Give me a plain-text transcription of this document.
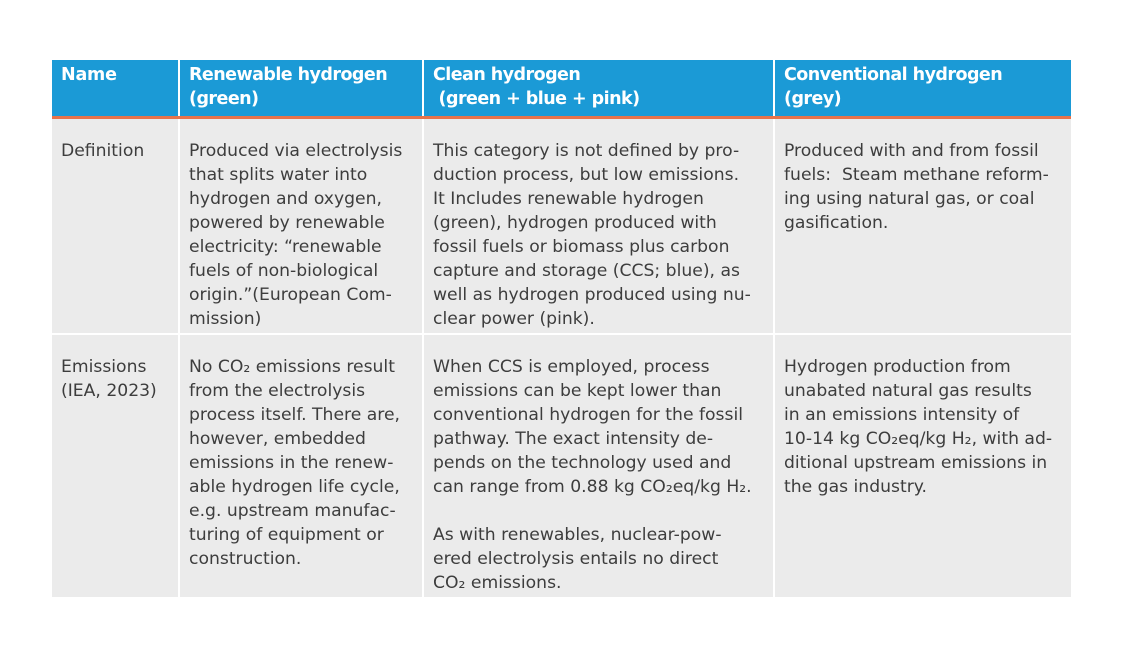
Name	Renewable hydrogen
(green)
Clean hydrogen
(green + blue + pink)
Conventional hydrogen
(grey)
Definition	Produced via electrolysis
that splits water into
hydrogen and oxygen,
powered by renewable
electricity: “renewable
fuels of non-biological
origin.”(European Com-
mission)
This category is not defined by pro-
duction process, but low emissions.
It Includes renewable hydrogen
(green), hydrogen produced with
fossil fuels or biomass plus carbon
capture and storage (CCS; blue), as
well as hydrogen produced using nu-
clear power (pink).
Produced with and from fossil
fuels:  Steam methane reform-
ing using natural gas, or coal
gasification.
Emissions
(IEA, 2023)
No CO₂ emissions result
from the electrolysis
process itself. There are,
however, embedded
emissions in the renew-
able hydrogen life cycle,
e.g. upstream manufac-
turing of equipment or
construction.
When CCS is employed, process
emissions can be kept lower than
conventional hydrogen for the fossil
pathway. The exact intensity de-
pends on the technology used and
can range from 0.88 kg CO₂eq/kg H₂.
As with renewables, nuclear-pow-
ered electrolysis entails no direct
CO₂ emissions.
Hydrogen production from
unabated natural gas results
in an emissions intensity of
10-14 kg CO₂eq/kg H₂, with ad-
ditional upstream emissions in
the gas industry.
